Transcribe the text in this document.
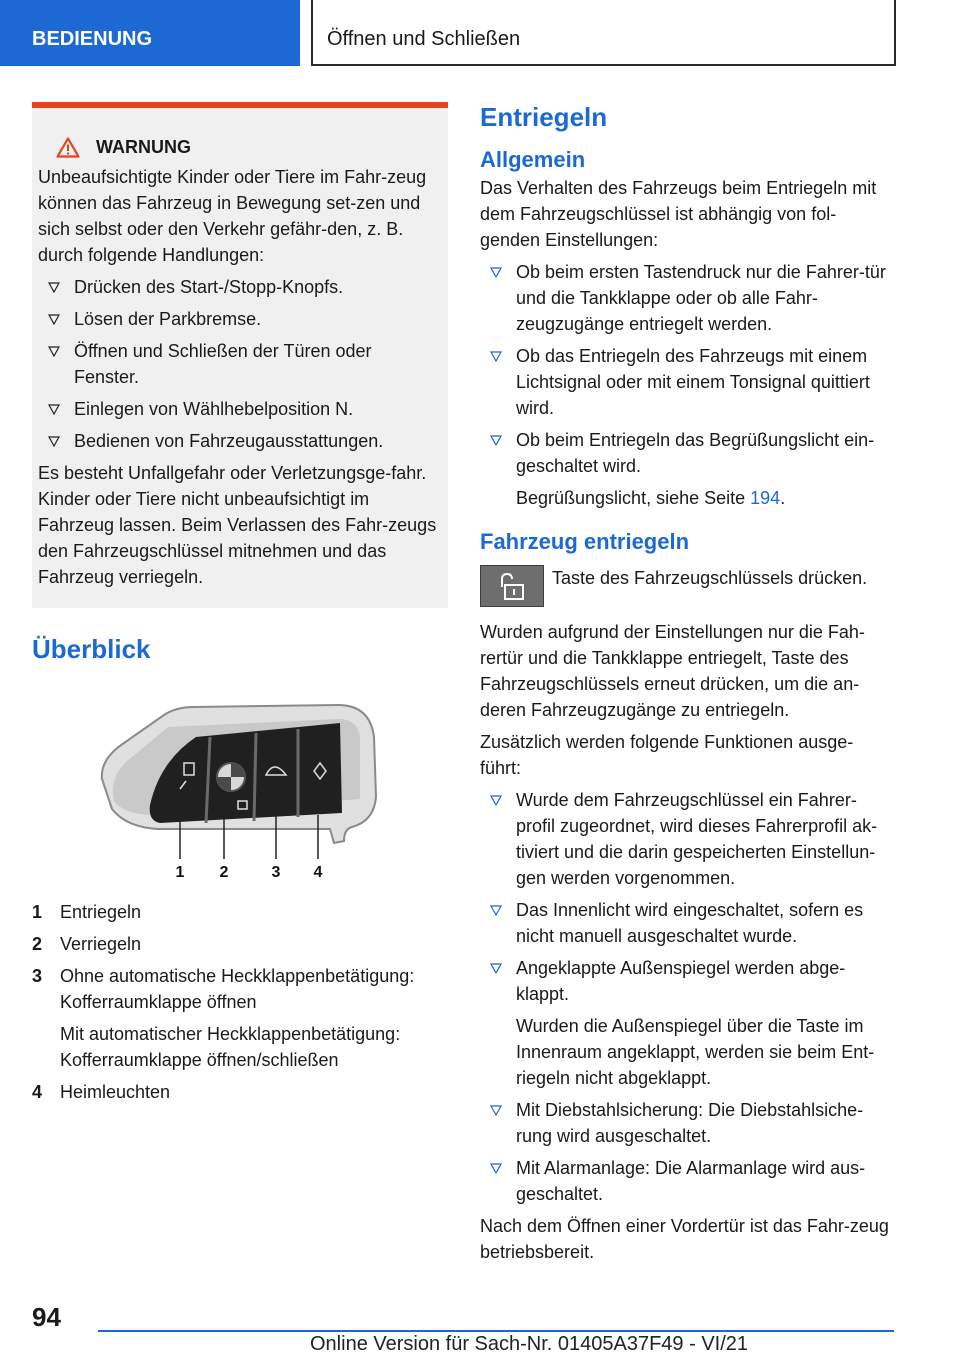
BEDIENUNG	Öffnen und Schließen
WARNUNG

Unbeaufsichtigte Kinder oder Tiere im Fahr-zeug können das Fahrzeug in Bewegung set-zen und sich selbst oder den Verkehr gefähr-den, z. B. durch folgende Handlungen:

Drücken des Start-/Stopp-Knopfs.
Lösen der Parkbremse.
Öffnen und Schließen der Türen oder Fenster.
Einlegen von Wählhebelposition N.
Bedienen von Fahrzeugausstattungen.

Es besteht Unfallgefahr oder Verletzungsge-fahr. Kinder oder Tiere nicht unbeaufsichtigt im Fahrzeug lassen. Beim Verlassen des Fahr-zeugs den Fahrzeugschlüssel mitnehmen und das Fahrzeug verriegeln.

Überblick
1 2	3 4
1 Entriegeln
2 Verriegeln
3 Ohne automatische Heckklappenbetätigung: Kofferraumklappe öffnen
Mit automatischer Heckklappenbetätigung: Kofferraumklappe öffnen/schließen
4 Heimleuchten
Entriegeln
Allgemein

Das Verhalten des Fahrzeugs beim Entriegeln mit dem Fahrzeugschlüssel ist abhängig von fol-genden Einstellungen:

Ob beim ersten Tastendruck nur die Fahrer-tür und die Tankklappe oder ob alle Fahr-zeugzugänge entriegelt werden.
Ob das Entriegeln des Fahrzeugs mit einem Lichtsignal oder mit einem Tonsignal quittiert wird.
Ob beim Entriegeln das Begrüßungslicht ein-geschaltet wird.
Begrüßungslicht, siehe Seite 194.
Fahrzeug entriegeln

Taste des Fahrzeugschlüssels drücken.

Wurden aufgrund der Einstellungen nur die Fah-rertür und die Tankklappe entriegelt, Taste des Fahrzeugschlüssels erneut drücken, um die an-deren Fahrzeugzugänge zu entriegeln.

Zusätzlich werden folgende Funktionen ausge-führt:

Wurde dem Fahrzeugschlüssel ein Fahrer-profil zugeordnet, wird dieses Fahrerprofil ak-tiviert und die darin gespeicherten Einstellun-gen werden vorgenommen.
Das Innenlicht wird eingeschaltet, sofern es nicht manuell ausgeschaltet wurde.
Angeklappte Außenspiegel werden abge-klappt.
Wurden die Außenspiegel über die Taste im Innenraum angeklappt, werden sie beim Ent-riegeln nicht abgeklappt.
Mit Diebstahlsicherung: Die Diebstahlsiche-rung wird ausgeschaltet.
Mit Alarmanlage: Die Alarmanlage wird aus-geschaltet.

Nach dem Öffnen einer Vordertür ist das Fahr-zeug betriebsbereit.

94
Online Version für Sach-Nr. 01405A37F49 - VI/21
